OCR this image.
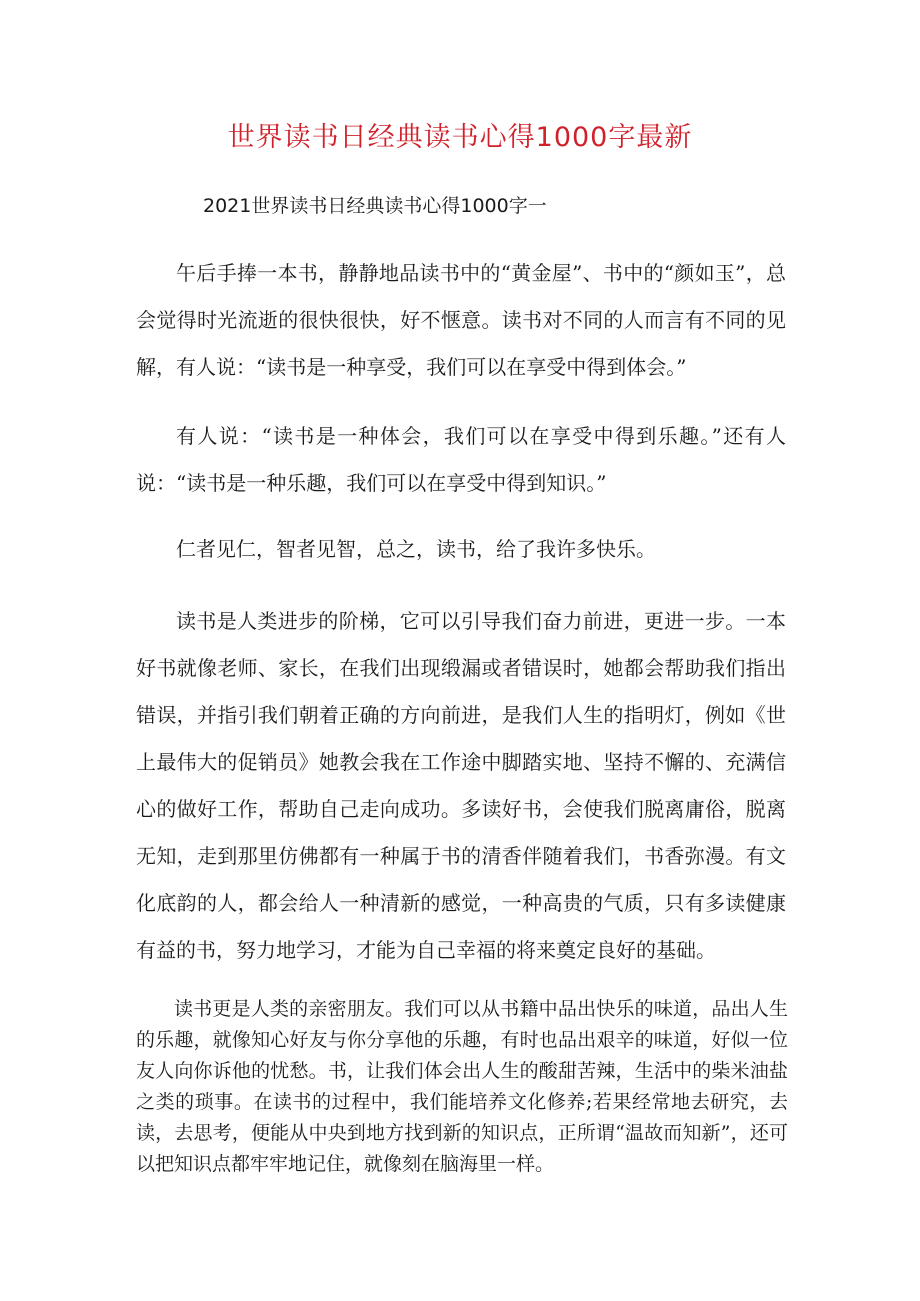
世界读书日经典读书心得1000字最新
2021世界读书日经典读书心得1000字一

午后手捧一本书，静静地品读书中的“黄金屋”、书中的“颜如玉”，总会觉得时光流逝的很快很快，好不惬意。读书对不同的人而言有不同的见解，有人说：“读书是一种享受，我们可以在享受中得到体会。”

有人说：“读书是一种体会，我们可以在享受中得到乐趣。”还有人说：“读书是一种乐趣，我们可以在享受中得到知识。”

仁者见仁，智者见智，总之，读书，给了我许多快乐。

读书是人类进步的阶梯，它可以引导我们奋力前进，更进一步。一本好书就像老师、家长，在我们出现缎漏或者错误时，她都会帮助我们指出错误，并指引我们朝着正确的方向前进，是我们人生的指明灯，例如《世上最伟大的促销员》她教会我在工作途中脚踏实地、坚持不懈的、充满信心的做好工作，帮助自己走向成功。多读好书，会使我们脱离庸俗，脱离无知，走到那里仿佛都有一种属于书的清香伴随着我们，书香弥漫。有文化底韵的人，都会给人一种清新的感觉，一种高贵的气质，只有多读健康有益的书，努力地学习，才能为自己幸福的将来奠定良好的基础。

读书更是人类的亲密朋友。我们可以从书籍中品出快乐的味道，品出人生的乐趣，就像知心好友与你分享他的乐趣，有时也品出艰辛的味道，好似一位友人向你诉他的忧愁。书，让我们体会出人生的酸甜苦辣，生活中的柴米油盐之类的琐事。在读书的过程中，我们能培养文化修养;若果经常地去研究，去读，去思考，便能从中央到地方找到新的知识点，正所谓“温故而知新”，还可以把知识点都牢牢地记住，就像刻在脑海里一样。
